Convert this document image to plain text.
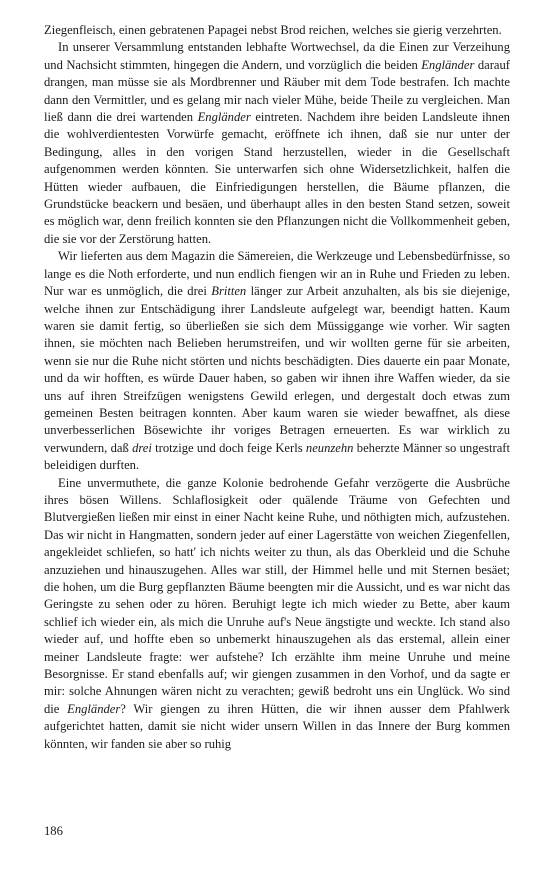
Ziegenfleisch, einen gebratenen Papagei nebst Brod reichen, welches sie gierig verzehrten.

In unserer Versammlung entstanden lebhafte Wortwechsel, da die Einen zur Verzeihung und Nachsicht stimmten, hingegen die Andern, und vorzüglich die beiden Engländer darauf drangen, man müsse sie als Mordbrenner und Räuber mit dem Tode bestrafen. Ich machte dann den Vermittler, und es gelang mir nach vieler Mühe, beide Theile zu vergleichen. Man ließ dann die drei wartenden Engländer eintreten. Nachdem ihre beiden Landsleute ihnen die wohlverdientesten Vorwürfe gemacht, eröffnete ich ihnen, daß sie nur unter der Bedingung, alles in den vorigen Stand herzustellen, wieder in die Gesellschaft aufgenommen werden könnten. Sie unterwarfen sich ohne Widersetzlichkeit, halfen die Hütten wieder aufbauen, die Einfriedigungen herstellen, die Bäume pflanzen, die Grundstücke beackern und besäen, und überhaupt alles in den besten Stand setzen, soweit es möglich war, denn freilich konnten sie den Pflanzungen nicht die Vollkommenheit geben, die sie vor der Zerstörung hatten.

Wir lieferten aus dem Magazin die Sämereien, die Werkzeuge und Lebensbedürfnisse, so lange es die Noth erforderte, und nun endlich fiengen wir an in Ruhe und Frieden zu leben. Nur war es unmöglich, die drei Britten länger zur Arbeit anzuhalten, als bis sie diejenige, welche ihnen zur Entschädigung ihrer Landsleute aufgelegt war, beendigt hatten. Kaum waren sie damit fertig, so überließen sie sich dem Müssiggange wie vorher. Wir sagten ihnen, sie möchten nach Belieben herumstreifen, und wir wollten gerne für sie arbeiten, wenn sie nur die Ruhe nicht störten und nichts beschädigten. Dies dauerte ein paar Monate, und da wir hofften, es würde Dauer haben, so gaben wir ihnen ihre Waffen wieder, da sie uns auf ihren Streifzügen wenigstens Gewild erlegen, und dergestalt doch etwas zum gemeinen Besten beitragen konnten. Aber kaum waren sie wieder bewaffnet, als diese unverbesserlichen Bösewichte ihr voriges Betragen erneuerten. Es war wirklich zu verwundern, daß drei trotzige und doch feige Kerls neunzehn beherzte Männer so ungestraft beleidigen durften.

Eine unvermuthete, die ganze Kolonie bedrohende Gefahr verzögerte die Ausbrüche ihres bösen Willens. Schlaflosigkeit oder quälende Träume von Gefechten und Blutvergießen ließen mir einst in einer Nacht keine Ruhe, und nöthigten mich, aufzustehen. Das wir nicht in Hangmatten, sondern jeder auf einer Lagerstätte von weichen Ziegenfellen, angekleidet schliefen, so hatt' ich nichts weiter zu thun, als das Oberkleid und die Schuhe anzuziehen und hinauszugehen. Alles war still, der Himmel helle und mit Sternen besäet; die hohen, um die Burg gepflanzten Bäume beengten mir die Aussicht, und es war nicht das Geringste zu sehen oder zu hören. Beruhigt legte ich mich wieder zu Bette, aber kaum schlief ich wieder ein, als mich die Unruhe auf's Neue ängstigte und weckte. Ich stand also wieder auf, und hoffte eben so unbemerkt hinauszugehen als das erstemal, allein einer meiner Landsleute fragte: wer aufstehe? Ich erzählte ihm meine Unruhe und meine Besorgnisse. Er stand ebenfalls auf; wir giengen zusammen in den Vorhof, und da sagte er mir: solche Ahnungen wären nicht zu verachten; gewiß bedroht uns ein Unglück. Wo sind die Engländer? Wir giengen zu ihren Hütten, die wir ihnen ausser dem Pfahlwerk aufgerichtet hatten, damit sie nicht wider unsern Willen in das Innere der Burg kommen könnten, wir fanden sie aber so ruhig

186
